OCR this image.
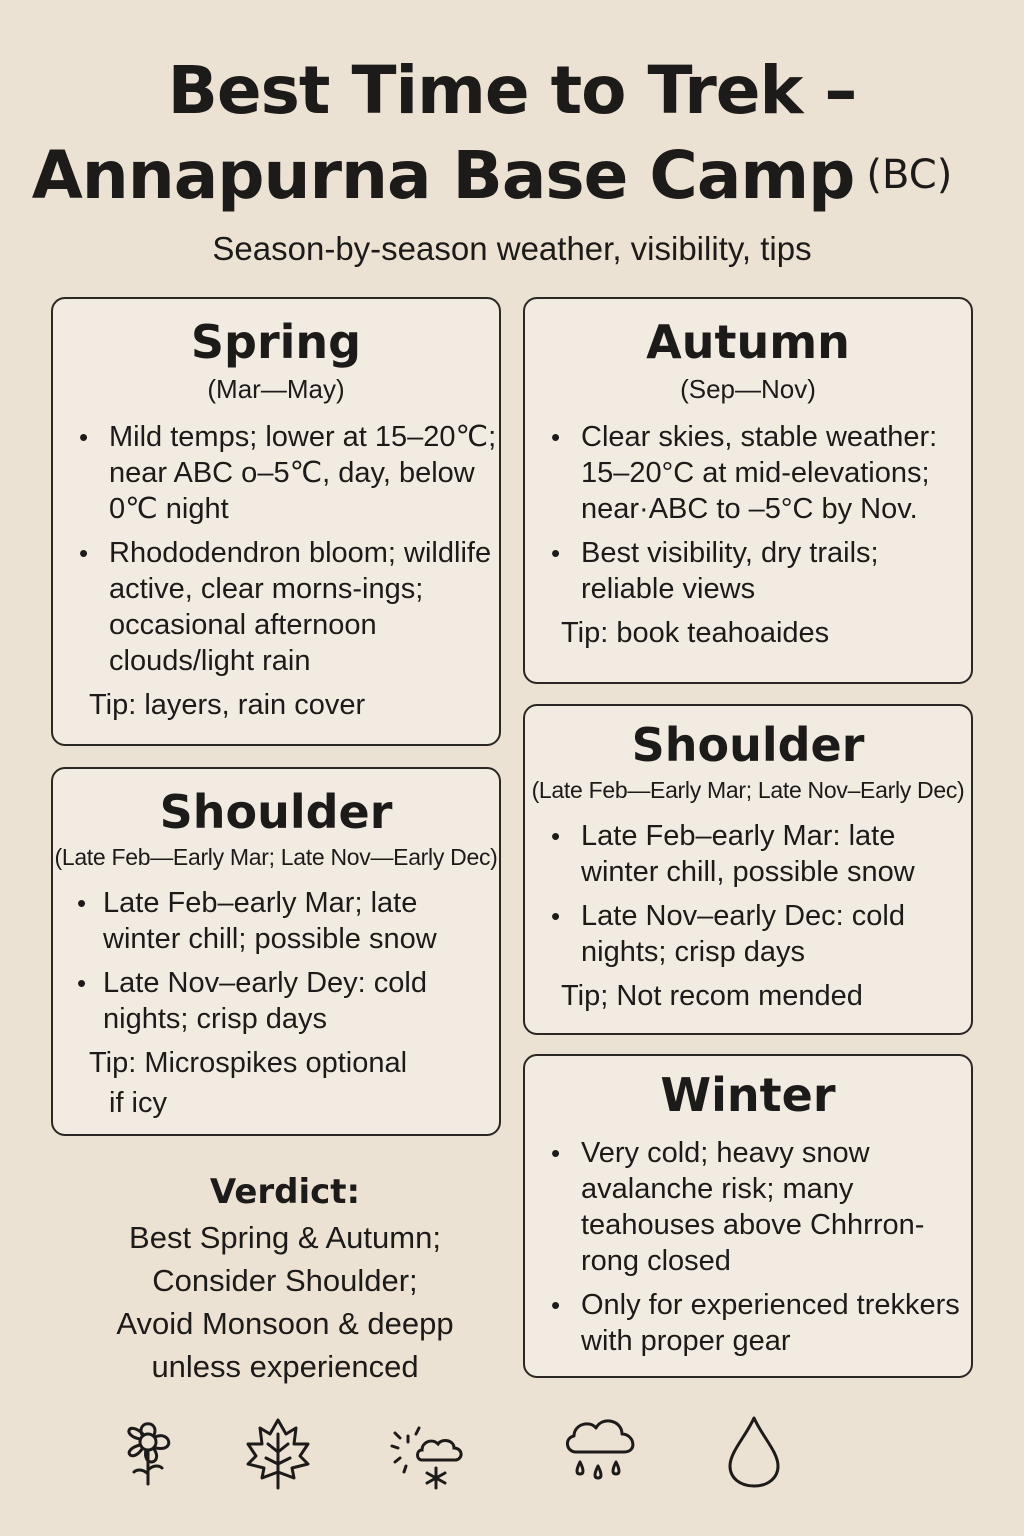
Best Time to Trek –
Annapurna Base Camp (BC)
Season-by-season weather, visibility, tips
Spring
(Mar—May)
• Mild temps; lower at 15–20℃; near ABC o–5℃, day, below 0℃ night
• Rhododendron bloom; wildlife active, clear morns-ings; occasional afternoon clouds/light rain
Tip: layers, rain cover
Autumn
(Sep—Nov)
• Clear skies, stable weather: 15–20°C at mid-elevations; near·ABC to –5°C by Nov.
• Best visibility, dry trails; reliable views
Tip: book teahoaides
Shoulder
(Late Feb—Early Mar; Late Nov—Early Dec)
• Late Feb–early Mar; late winter chill; possible snow
• Late Nov–early Dey: cold nights; crisp days
Tip: Microspikes optional
if icy
Shoulder
(Late Feb—Early Mar; Late Nov–Early Dec)
• Late Feb–early Mar: late winter chill, possible snow
• Late Nov–early Dec: cold nights; crisp days
Tip; Not recom mended
Winter
• Very cold; heavy snow avalanche risk; many teahouses above Chhrron-rong closed
• Only for experienced trekkers with proper gear
Verdict:

Best Spring & Autumn;
Consider Shoulder;
Avoid Monsoon & deepp
unless experienced
